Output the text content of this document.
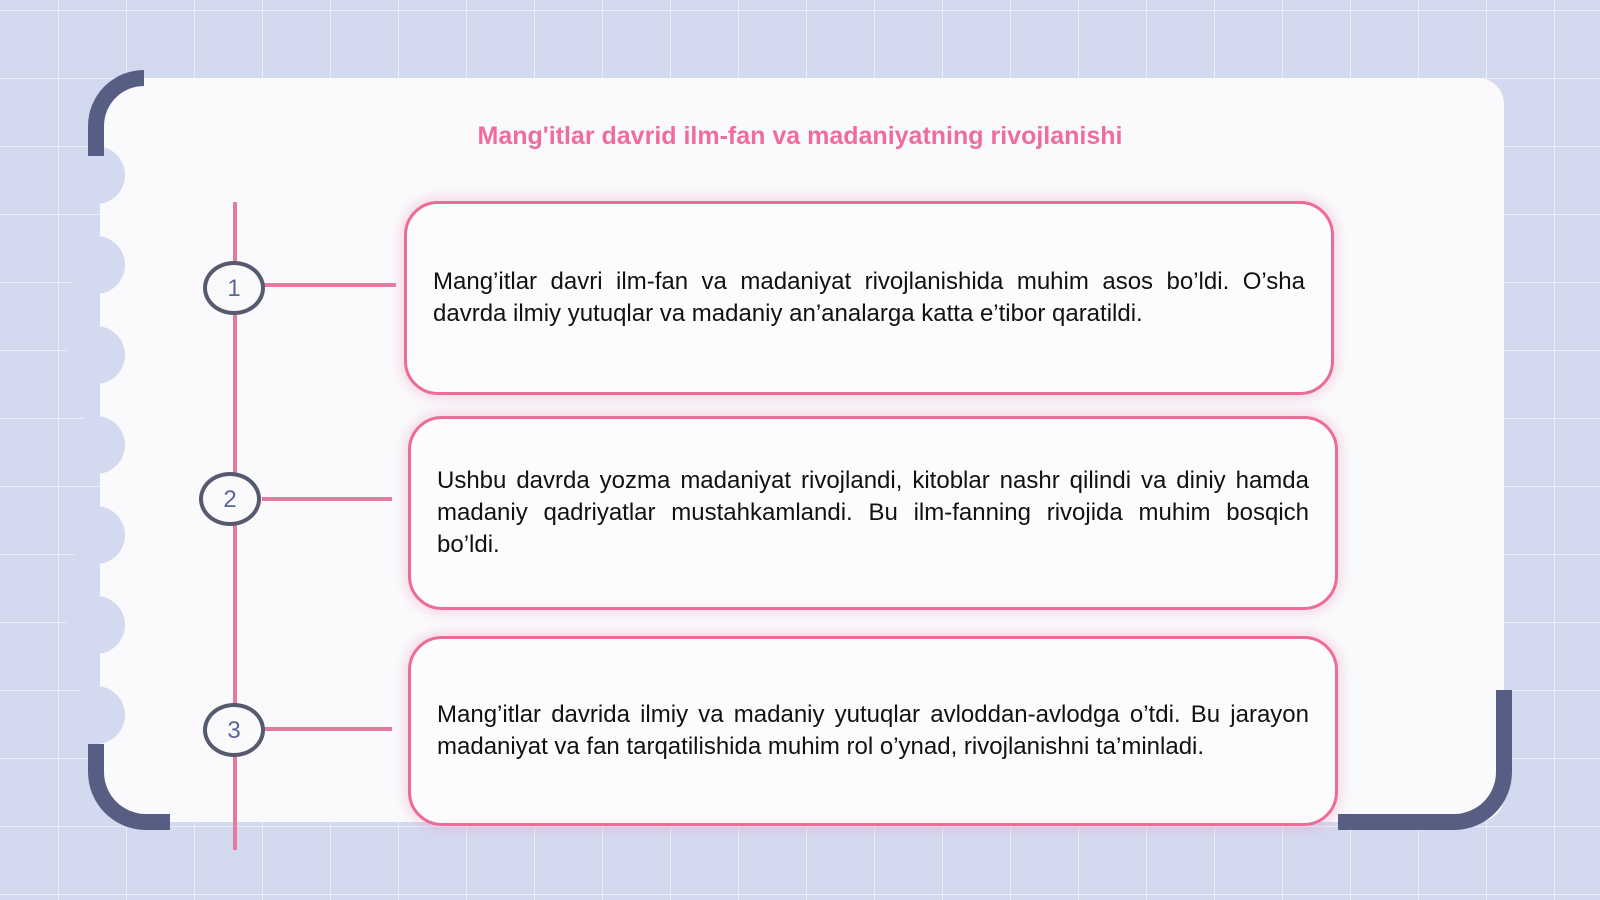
Mang'itlar davrid ilm-fan va madaniyatning rivojlanishi
1
2
3

Mang’itlar davri ilm-fan va madaniyat rivojlanishida muhim asos bo’ldi. O’sha davrda ilmiy yutuqlar va madaniy an’analarga katta e’tibor qaratildi.

Ushbu davrda yozma madaniyat rivojlandi, kitoblar nashr qilindi va diniy hamda madaniy qadriyatlar mustahkamlandi. Bu ilm-fanning rivojida muhim bosqich bo’ldi.

Mang’itlar davrida ilmiy va madaniy yutuqlar avloddan-avlodga o’tdi. Bu jarayon madaniyat va fan tarqatilishida muhim rol o’ynad, rivojlanishni ta’minladi.
